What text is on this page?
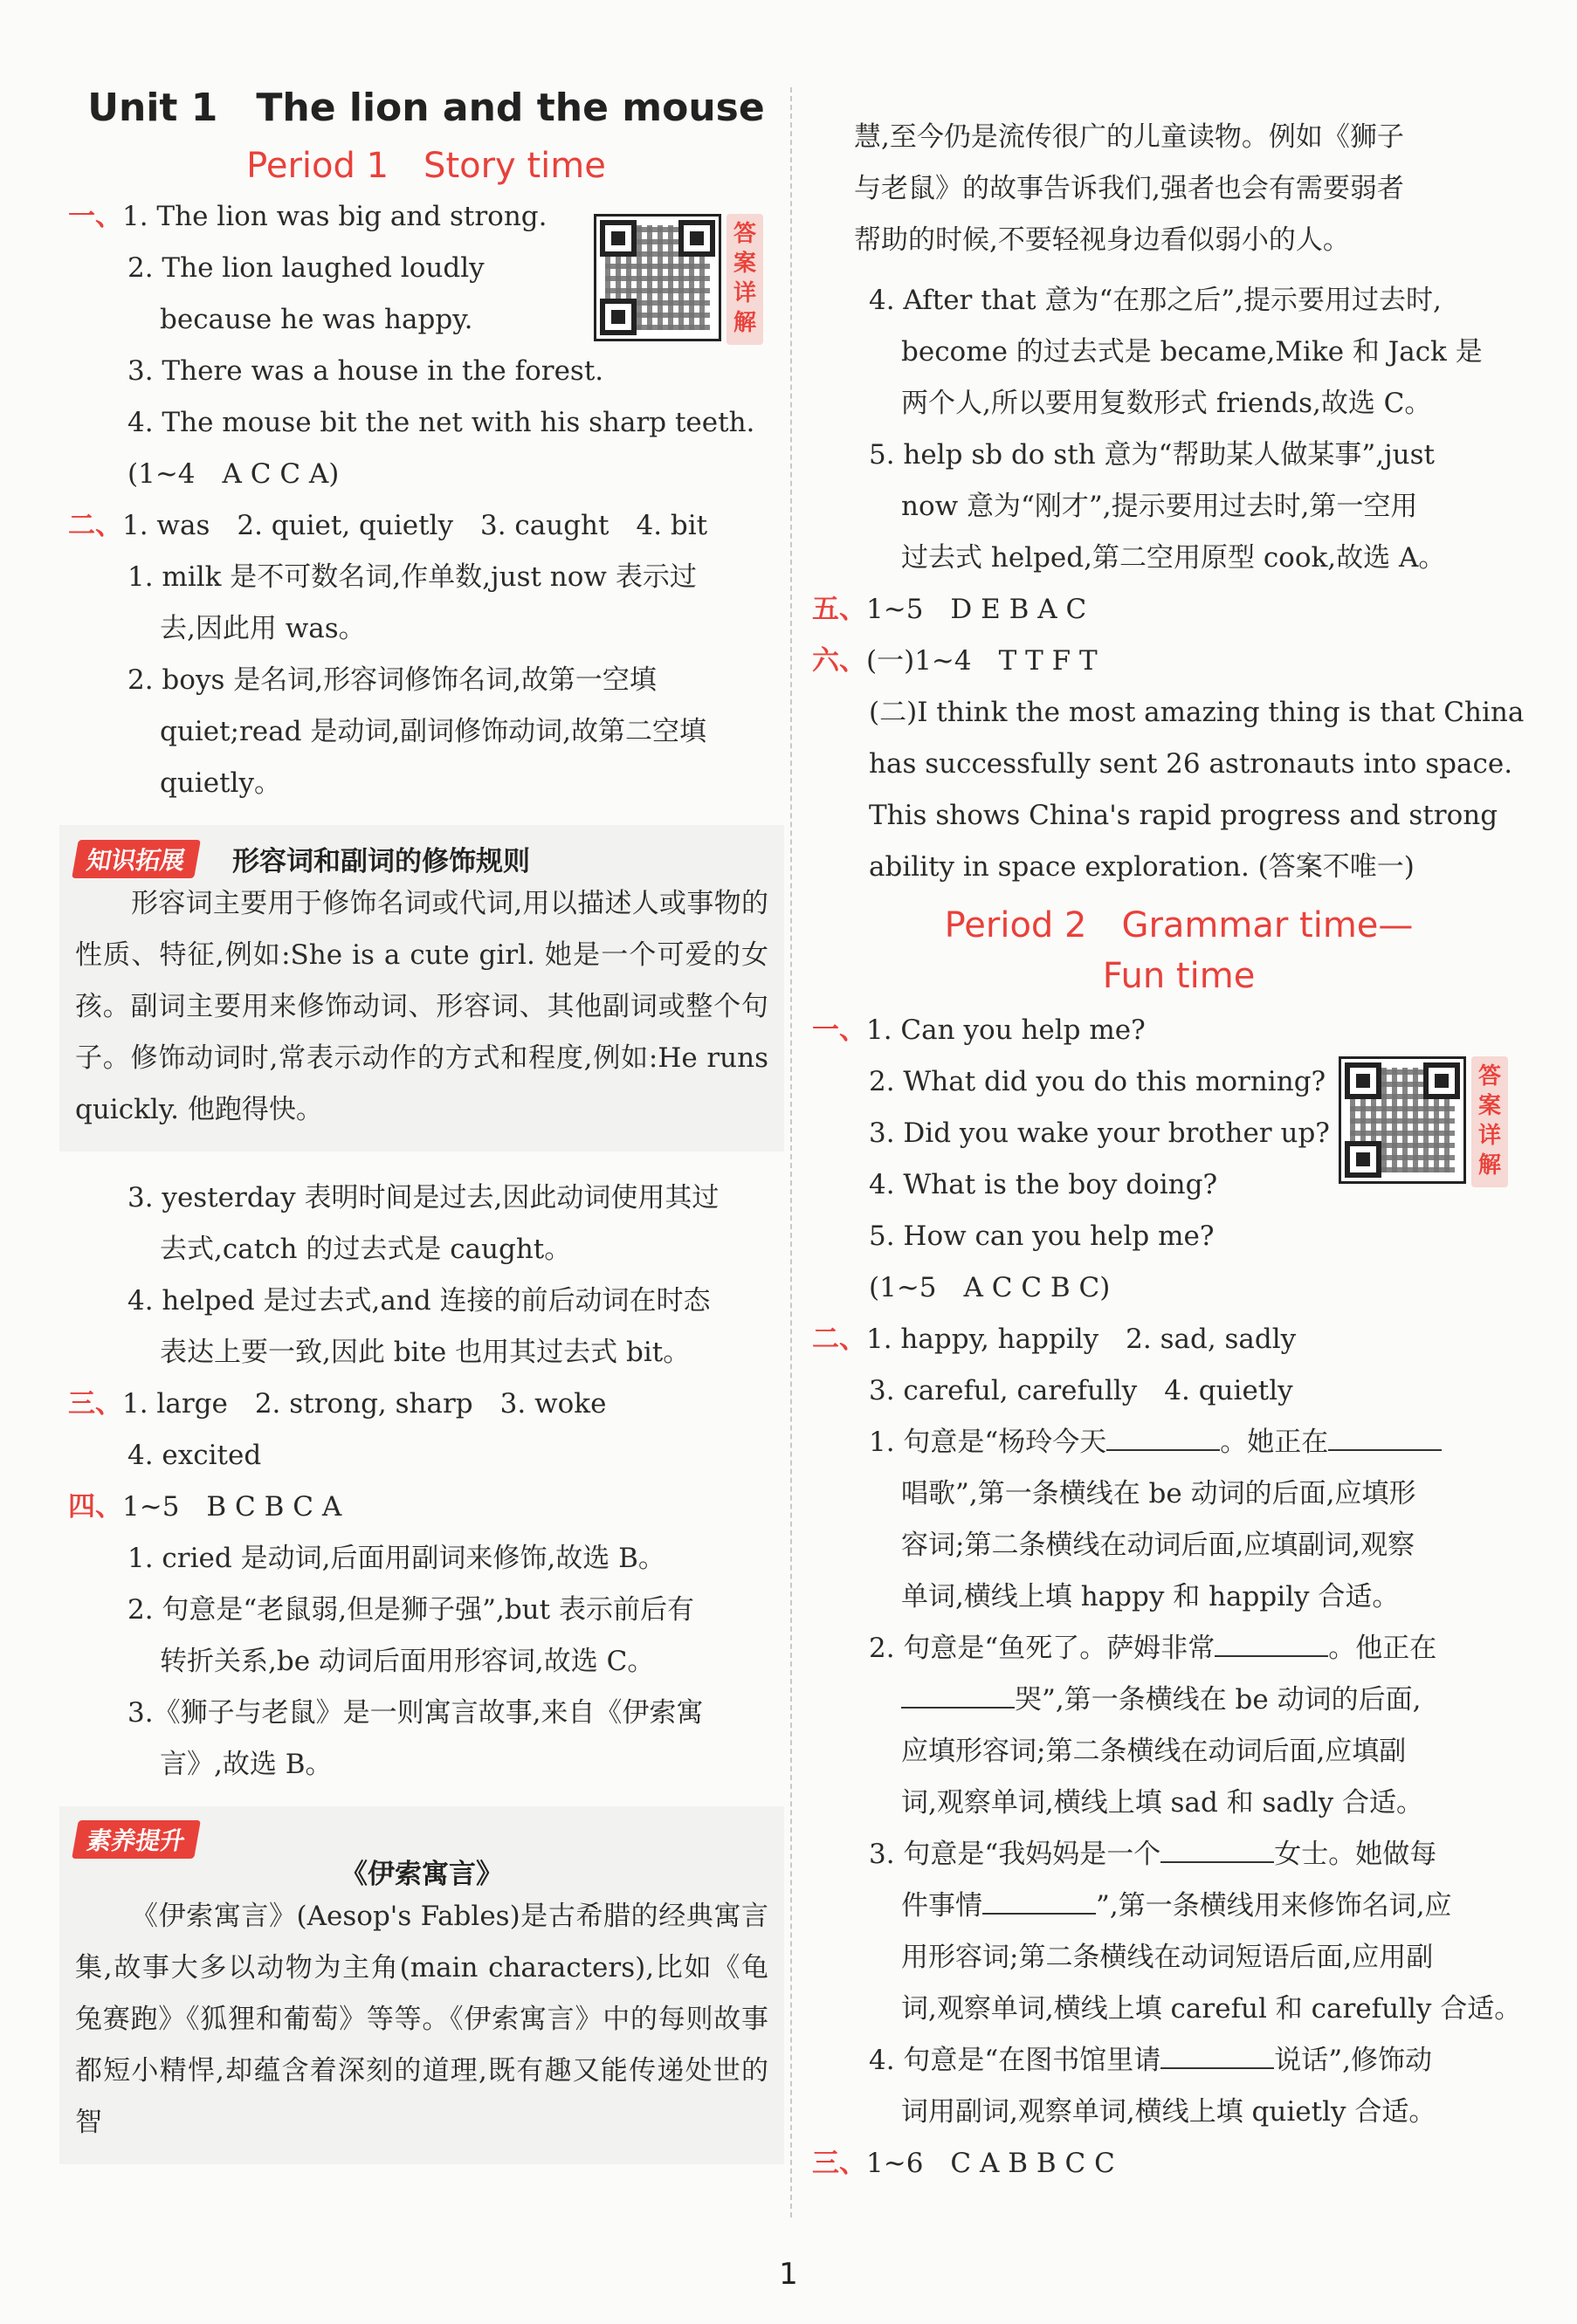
Unit 1　The lion and the mouse
Period 1　Story time
一、1. The lion was big and strong.
2. The lion laughed loudly
because he was happy.
3. There was a house in the forest.
4. The mouse bit the net with his sharp teeth.
(1~4　A C C A)
二、1. was　2. quiet, quietly　3. caught　4. bit
1. milk 是不可数名词,作单数,just now 表示过
去,因此用 was。
2. boys 是名词,形容词修饰名词,故第一空填
quiet;read 是动词,副词修饰动词,故第二空填
quietly。
知识拓展	形容词和副词的修饰规则

形容词主要用于修饰名词或代词,用以描述人或事物的性质、特征,例如:She is a cute girl. 她是一个可爱的女孩。副词主要用来修饰动词、形容词、其他副词或整个句子。修饰动词时,常表示动作的方式和程度,例如:He runs quickly. 他跑得快。

3. yesterday 表明时间是过去,因此动词使用其过
去式,catch 的过去式是 caught。
4. helped 是过去式,and 连接的前后动词在时态
表达上要一致,因此 bite 也用其过去式 bit。
三、1. large　2. strong, sharp　3. woke
4. excited
四、1~5　B C B C A
1. cried 是动词,后面用副词来修饰,故选 B。
2. 句意是“老鼠弱,但是狮子强”,but 表示前后有
转折关系,be 动词后面用形容词,故选 C。
3.《狮子与老鼠》是一则寓言故事,来自《伊索寓
言》,故选 B。
素养提升
《伊索寓言》

《伊索寓言》(Aesop's Fables)是古希腊的经典寓言集,故事大多以动物为主角(main characters),比如《龟兔赛跑》《狐狸和葡萄》等等。《伊索寓言》中的每则故事都短小精悍,却蕴含着深刻的道理,既有趣又能传递处世的智

答
案
详
解
答
案
详
解
慧,至今仍是流传很广的儿童读物。例如《狮子
与老鼠》的故事告诉我们,强者也会有需要弱者
帮助的时候,不要轻视身边看似弱小的人。
4. After that 意为“在那之后”,提示要用过去时,
become 的过去式是 became,Mike 和 Jack 是
两个人,所以要用复数形式 friends,故选 C。
5. help sb do sth 意为“帮助某人做某事”,just
now 意为“刚才”,提示要用过去时,第一空用
过去式 helped,第二空用原型 cook,故选 A。
五、1~5　D E B A C
六、(一)1~4　T T F T
(二)I think the most amazing thing is that China
has successfully sent 26 astronauts into space.
This shows China's rapid progress and strong
ability in space exploration. (答案不唯一)
Period 2　Grammar time—
Fun time
一、1. Can you help me?
2. What did you do this morning?
3. Did you wake your brother up?
4. What is the boy doing?
5. How can you help me?
(1~5　A C C B C)
二、1. happy, happily　2. sad, sadly
3. careful, carefully　4. quietly
1. 句意是“杨玲今天	。她正在
唱歌”,第一条横线在 be 动词的后面,应填形
容词;第二条横线在动词后面,应填副词,观察
单词,横线上填 happy 和 happily 合适。
2. 句意是“鱼死了。萨姆非常	。他正在
哭”,第一条横线在 be 动词的后面,
应填形容词;第二条横线在动词后面,应填副
词,观察单词,横线上填 sad 和 sadly 合适。
3. 句意是“我妈妈是一个	女士。她做每
件事情	”,第一条横线用来修饰名词,应
用形容词;第二条横线在动词短语后面,应用副
词,观察单词,横线上填 careful 和 carefully 合适。
4. 句意是“在图书馆里请	说话”,修饰动
词用副词,观察单词,横线上填 quietly 合适。
三、1~6　C A B B C C
1
